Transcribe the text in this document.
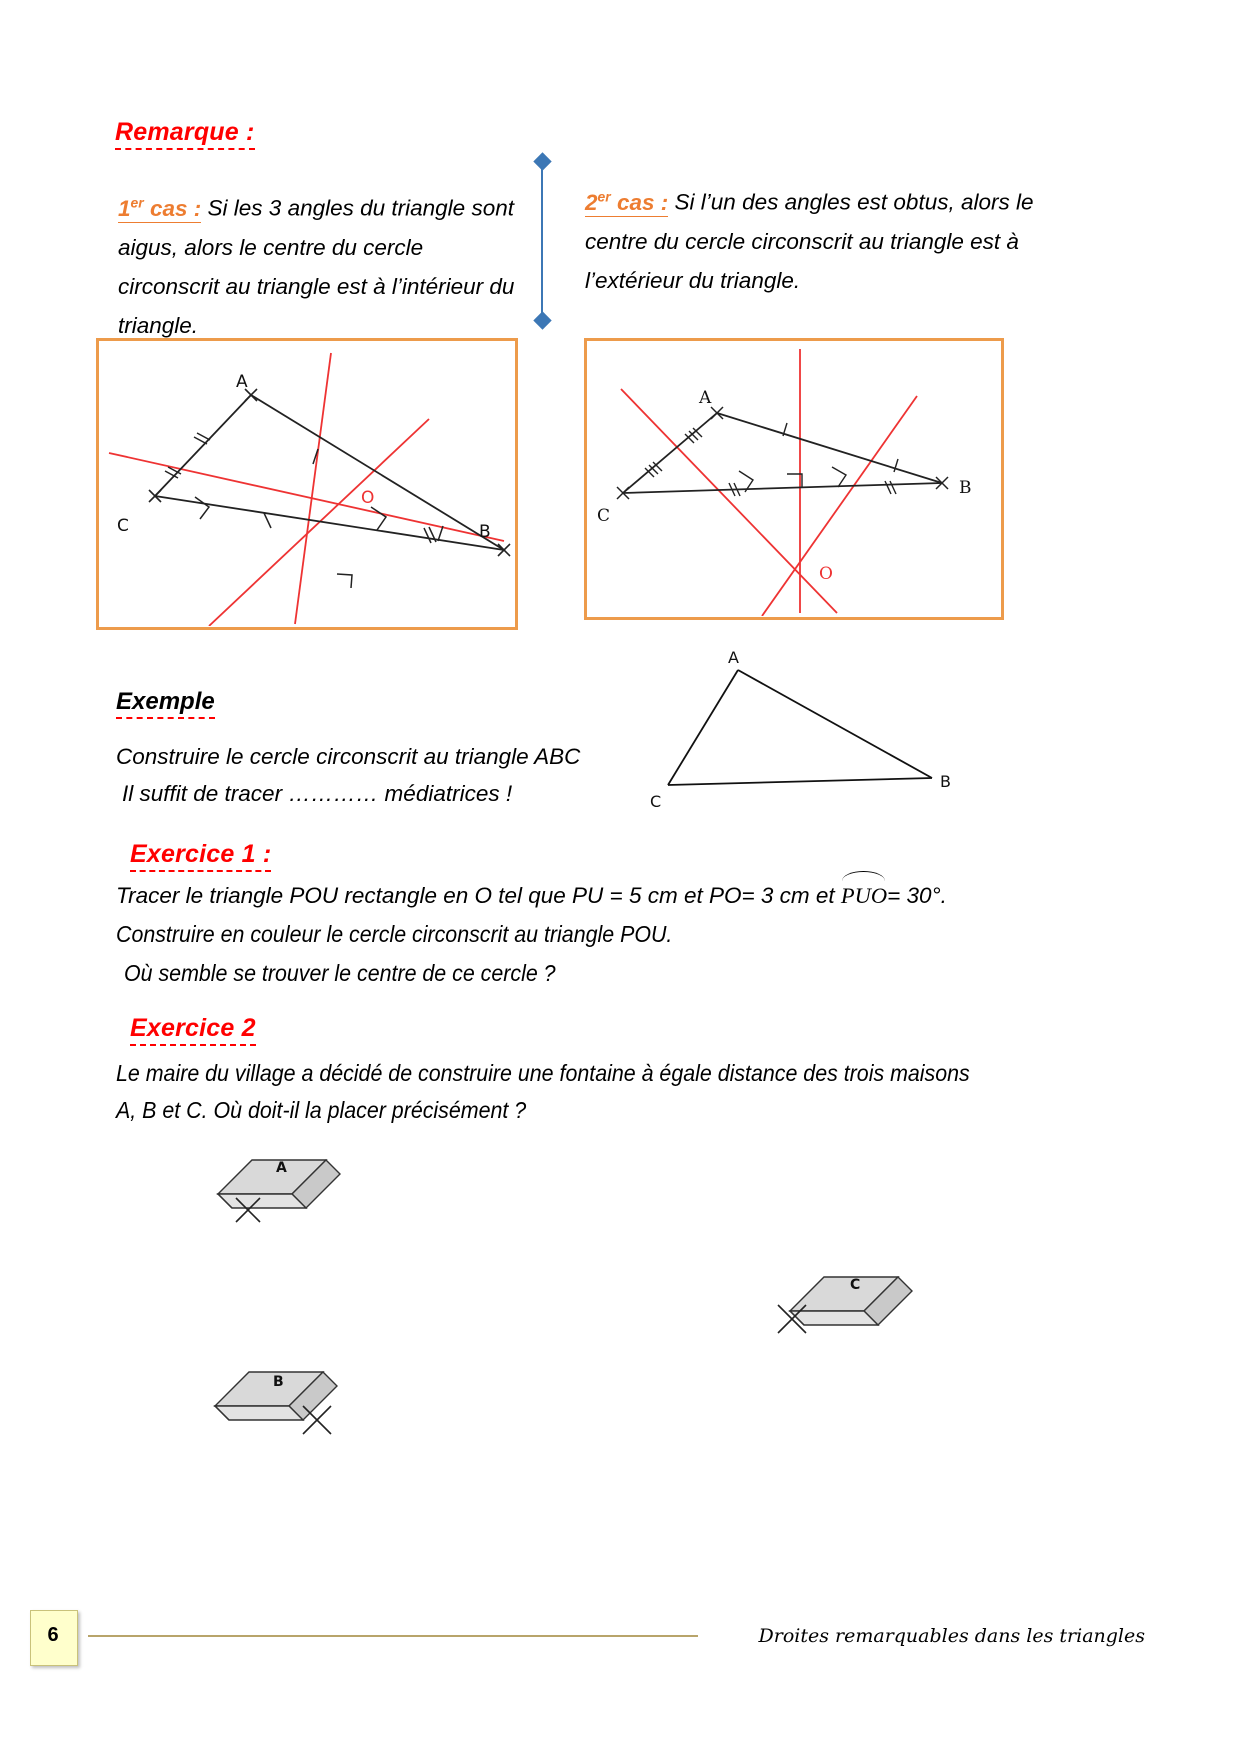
Remarque :
1er cas : Si les 3 angles du triangle sont aigus, alors le centre du cercle circonscrit au triangle est à l’intérieur du triangle.
2er cas : Si l’un des angles est obtus, alors le centre du cercle circonscrit au triangle est à l’extérieur du triangle.
A
C	B
O
A
C
B
O
Exemple
Construire le cercle circonscrit au triangle ABC
Il suffit de tracer ………… médiatrices !
A
B
C
Exercice 1 :
Tracer le triangle POU rectangle en O tel que PU = 5 cm et PO= 3 cm et
PUO= 30°.
Construire en couleur le cercle circonscrit au triangle POU.
Où semble se trouver le centre de ce cercle ?
Exercice 2
Le maire du village a décidé de construire une fontaine à égale distance des trois maisons
A, B et C. Où doit-il la placer précisément ?
A
C
B
6	Droites remarquables dans les triangles
